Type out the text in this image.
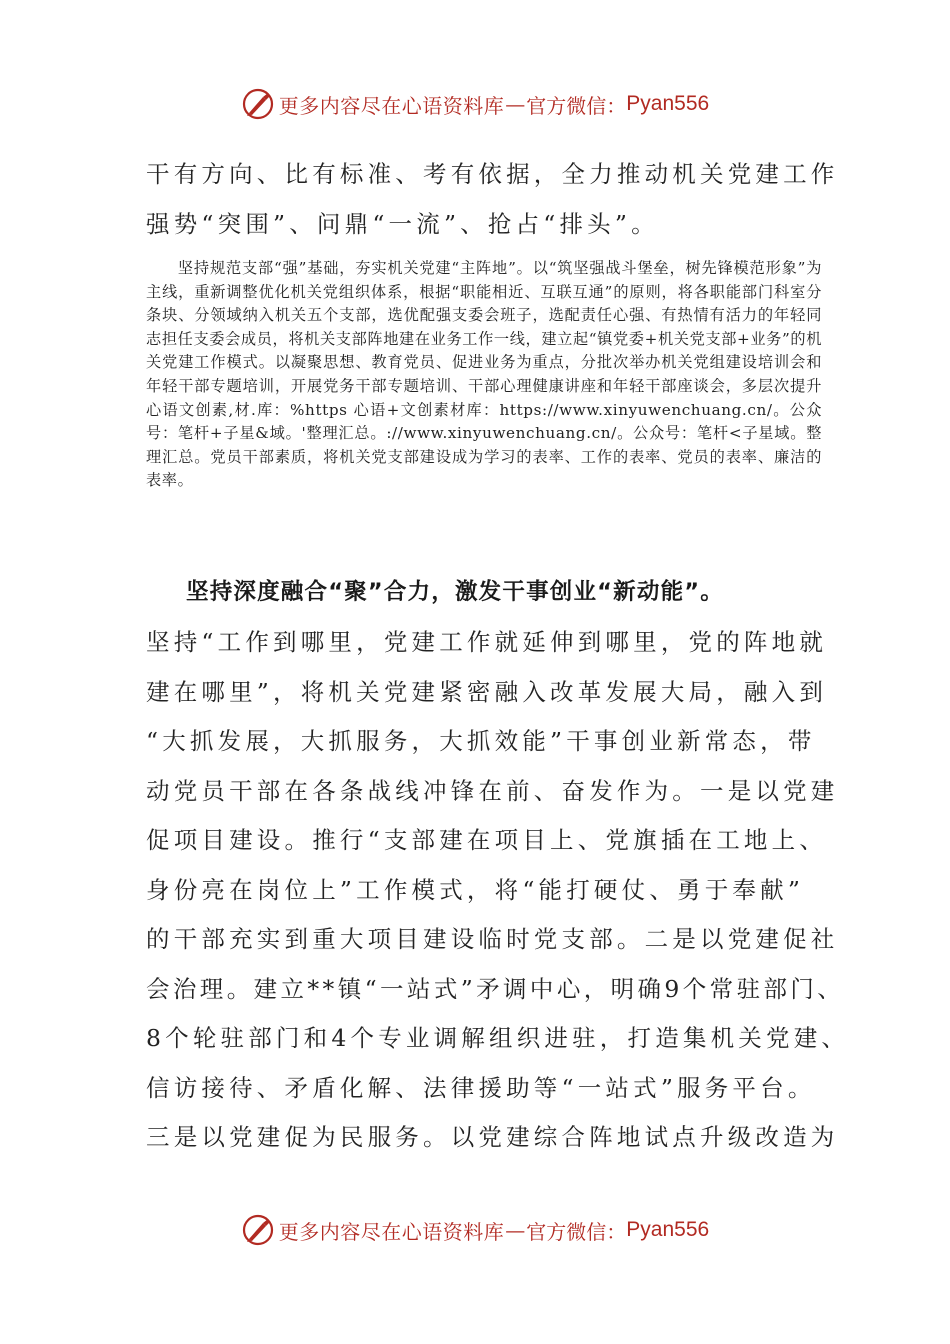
更多内容尽在心语资料库 — 官方微信： Pyan556

干有方向、比有标准、考有依据，全力推动机关党建工作

强势“突围”、问鼎“一流”、抢占“排头”。

坚持规范支部“强”基础，夯实机关党建“主阵地”。以“筑坚强战斗堡垒，树先锋模范形象”为主线，重新调整优化机关党组织体系，根据“职能相近、互联互通”的原则，将各职能部门科室分条块、分领域纳入机关五个支部，选优配强支委会班子，选配责任心强、有热情有活力的年轻同志担任支委会成员，将机关支部阵地建在业务工作一线，建立起“镇党委+机关党支部+业务”的机关党建工作模式。以凝聚思想、教育党员、促进业务为重点，分批次举办机关党组建设培训会和年轻干部专题培训，开展党务干部专题培训、干部心理健康讲座和年轻干部座谈会，多层次提升心语文创素,材.库：%https 心语+文创素材库：https://www.xinyuwenchuang.cn/。公众号：笔杆+子星&域。'整理汇总。://www.xinyuwenchuang.cn/。公众号：笔杆<子星域。整理汇总。党员干部素质，将机关党支部建设成为学习的表率、工作的表率、党员的表率、廉洁的表率。

坚持深度融合“聚”合力，激发干事创业“新动能”。

坚持“工作到哪里，党建工作就延伸到哪里，党的阵地就

建在哪里”，将机关党建紧密融入改革发展大局，融入到

“大抓发展，大抓服务，大抓效能”干事创业新常态，带

动党员干部在各条战线冲锋在前、奋发作为。一是以党建

促项目建设。推行“支部建在项目上、党旗插在工地上、

身份亮在岗位上”工作模式，将“能打硬仗、勇于奉献”

的干部充实到重大项目建设临时党支部。二是以党建促社

会治理。建立**镇“一站式”矛调中心，明确9个常驻部门、

8个轮驻部门和4个专业调解组织进驻，打造集机关党建、

信访接待、矛盾化解、法律援助等“一站式”服务平台。

三是以党建促为民服务。以党建综合阵地试点升级改造为

更多内容尽在心语资料库 — 官方微信： Pyan556
